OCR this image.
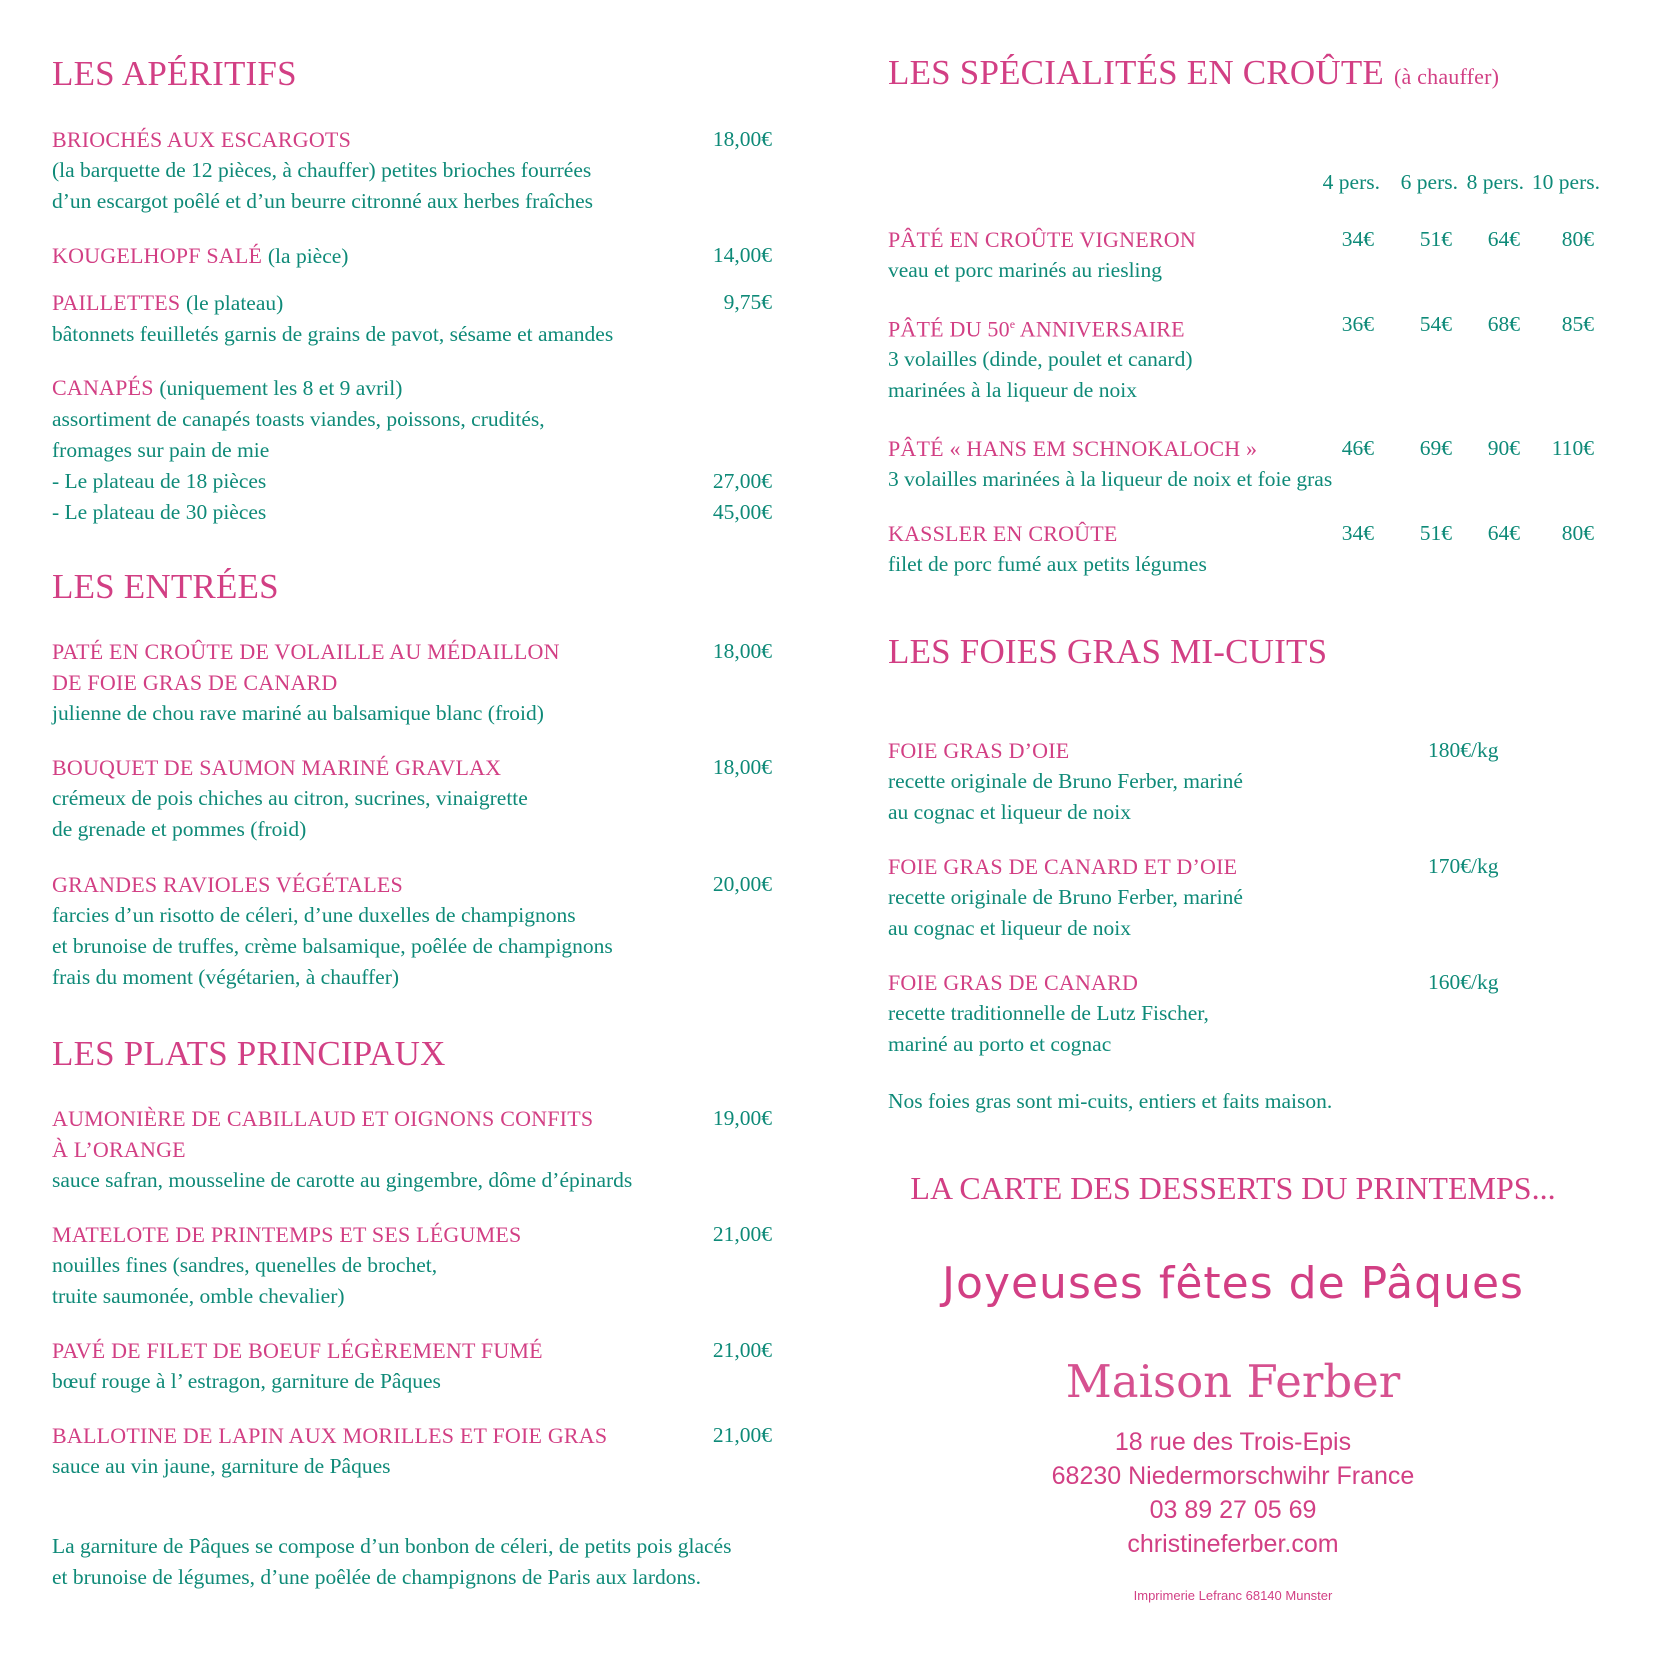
LES APÉRITIFS
BRIOCHÉS AUX ESCARGOTS
(la barquette de 12 pièces, à chauffer) petites brioches fourrées
d’un escargot poêlé et d’un beurre citronné aux herbes fraîches
18,00€
KOUGELHOPF SALÉ (la pièce)	14,00€
PAILLETTES (le plateau)
bâtonnets feuilletés garnis de grains de pavot, sésame et amandes
9,75€
CANAPÉS (uniquement les 8 et 9 avril)
assortiment de canapés toasts viandes, poissons, crudités,
fromages sur pain de mie
- Le plateau de 18 pièces	27,00€
- Le plateau de 30 pièces	45,00€
LES ENTRÉES
PATÉ EN CROÛTE DE VOLAILLE AU MÉDAILLON
DE FOIE GRAS DE CANARD
julienne de chou rave mariné au balsamique blanc (froid)
18,00€
BOUQUET DE SAUMON MARINÉ GRAVLAX
crémeux de pois chiches au citron, sucrines, vinaigrette
de grenade et pommes (froid)
18,00€
GRANDES RAVIOLES VÉGÉTALES
farcies d’un risotto de céleri, d’une duxelles de champignons
et brunoise de truffes, crème balsamique, poêlée de champignons
frais du moment (végétarien, à chauffer)
20,00€
LES PLATS PRINCIPAUX
AUMONIÈRE DE CABILLAUD ET OIGNONS CONFITS
À L’ORANGE
sauce safran, mousseline de carotte au gingembre, dôme d’épinards
19,00€
MATELOTE DE PRINTEMPS ET SES LÉGUMES
nouilles fines (sandres, quenelles de brochet,
truite saumonée, omble chevalier)
21,00€
PAVÉ DE FILET DE BOEUF LÉGÈREMENT FUMÉ
bœuf rouge à l’ estragon, garniture de Pâques
21,00€
BALLOTINE DE LAPIN AUX MORILLES ET FOIE GRAS
sauce au vin jaune, garniture de Pâques
21,00€
La garniture de Pâques se compose d’un bonbon de céleri, de petits pois glacés
et brunoise de légumes, d’une poêlée de champignons de Paris aux lardons.
LES SPÉCIALITÉS EN CROÛTE (à chauffer)
4 pers. 6 pers. 8 pers. 10 pers.
PÂTÉ EN CROÛTE VIGNERON
veau et porc marinés au riesling
34€	51€	64€	80€
PÂTÉ DU 50e ANNIVERSAIRE
3 volailles (dinde, poulet et canard)
marinées à la liqueur de noix
36€	54€	68€	85€
PÂTÉ « HANS EM SCHNOKALOCH »
3 volailles marinées à la liqueur de noix et foie gras
46€	69€	90€	110€
KASSLER EN CROÛTE
filet de porc fumé aux petits légumes
34€	51€	64€	80€
LES FOIES GRAS MI-CUITS
FOIE GRAS D’OIE
recette originale de Bruno Ferber, mariné
au cognac et liqueur de noix
180€/kg
FOIE GRAS DE CANARD ET D’OIE
recette originale de Bruno Ferber, mariné
au cognac et liqueur de noix
170€/kg
FOIE GRAS DE CANARD
recette traditionnelle de Lutz Fischer,
mariné au porto et cognac
160€/kg
Nos foies gras sont mi-cuits, entiers et faits maison.
LA CARTE DES DESSERTS DU PRINTEMPS...
Joyeuses fêtes de Pâques
Maison Ferber
18 rue des Trois-Epis
68230 Niedermorschwihr France
03 89 27 05 69
christineferber.com
Imprimerie Lefranc 68140 Munster
